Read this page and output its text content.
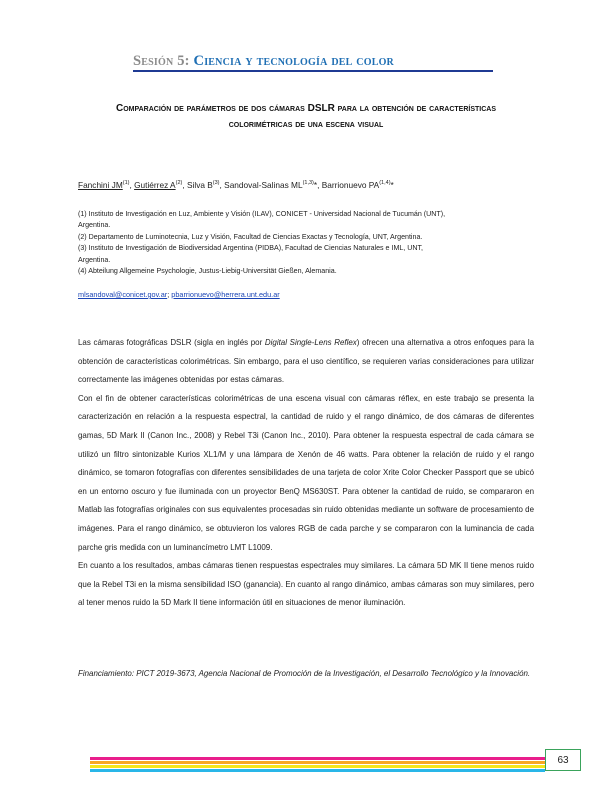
Sesión 5: Ciencia y tecnología del color
Comparación de parámetros de dos cámaras DSLR para la obtención de características
colorimétricas de una escena visual
Fanchini JM$^{(1)}$, Gutiérrez $A^{(2)}$, Silva $B^{(3)}$, Sandoval-Salinas ML$^{(1,3)}$*, Barrionuevo PA$^{(1,4)}$*
(1) Instituto de Investigación en Luz, Ambiente y Visión (ILAV), CONICET - Universidad Nacional de Tucumán (UNT),
Argentina.
(2) Departamento de Luminotecnia, Luz y Visión, Facultad de Ciencias Exactas y Tecnología, UNT, Argentina.
(3) Instituto de Investigación de Biodiversidad Argentina (PIDBA), Facultad de Ciencias Naturales e IML, UNT,
Argentina.
(4) Abteilung Allgemeine Psychologie, Justus-Liebig-Universität Gießen, Alemania.
mlsandoval@conicet.gov.ar; pbarrionuevo@herrera.unt.edu.ar

Las cámaras fotográficas DSLR (sigla en inglés por Digital Single-Lens Reflex) ofrecen una alternativa a otros enfoques para la obtención de características colorimétricas. Sin embargo, para el uso científico, se requieren varias consideraciones para utilizar correctamente las imágenes obtenidas por estas cámaras.

Con el fin de obtener características colorimétricas de una escena visual con cámaras réflex, en este trabajo se presenta la caracterización en relación a la respuesta espectral, la cantidad de ruido y el rango dinámico, de dos cámaras de diferentes gamas, 5D Mark II (Canon Inc., 2008) y Rebel T3i (Canon Inc., 2010). Para obtener la respuesta espectral de cada cámara se utilizó un filtro sintonizable Kurios XL1/M y una lámpara de Xenón de 46 watts. Para obtener la relación de ruido y el rango dinámico, se tomaron fotografías con diferentes sensibilidades de una tarjeta de color Xrite Color Checker Passport que se ubicó en un entorno oscuro y fue iluminada con un proyector BenQ MS630ST. Para obtener la cantidad de ruido, se compararon en Matlab las fotografías originales con sus equivalentes procesadas sin ruido obtenidas mediante un software de procesamiento de imágenes. Para el rango dinámico, se obtuvieron los valores RGB de cada parche y se compararon con la luminancia de cada parche gris medida con un luminancímetro LMT L1009.

En cuanto a los resultados, ambas cámaras tienen respuestas espectrales muy similares. La cámara 5D MK II tiene menos ruido que la Rebel T3i en la misma sensibilidad ISO (ganancia). En cuanto al rango dinámico, ambas cámaras son muy similares, pero al tener menos ruido la 5D Mark II tiene información útil en situaciones de menor iluminación.

Financiamiento: PICT 2019-3673, Agencia Nacional de Promoción de la Investigación, el Desarrollo Tecnológico y la Innovación.
63
